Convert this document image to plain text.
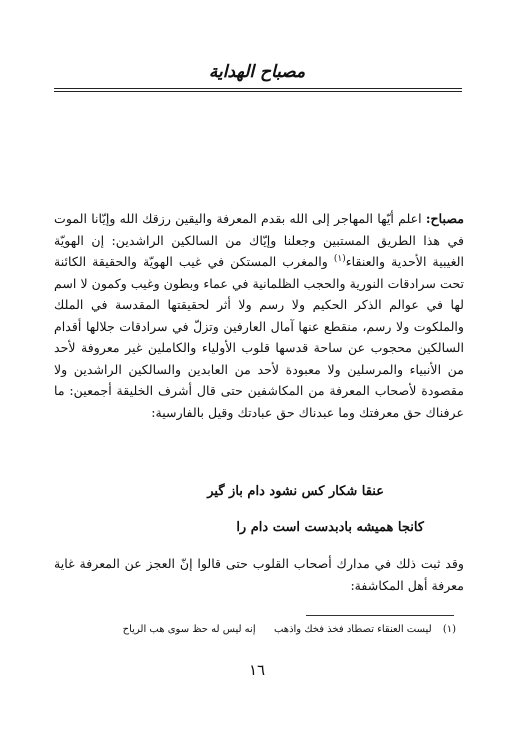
مصباح الهداية

مصباح: اعلم أيّها المهاجر إلى الله بقدم المعرفة واليقين رزقك الله وإيّانا الموت في هذا الطريق المستبين وجعلنا وإيّاك من السالكين الراشدين: إن الهويّة الغيبية الأحدية والعنقاء$^{(١)}$ والمغرب المستكن في غيب الهويّة والحقيقة الكائنة تحت سرادقات النورية والحجب الظلمانية في عماء وبطون وغيب وكمون لا اسم لها في عوالم الذكر الحكيم ولا رسم ولا أثر لحقيقتها المقدسة في الملك والملكوت ولا رسم، منقطع عنها آمال العارفين وتزلّ في سرادقات جلالها أقدام السالكين محجوب عن ساحة قدسها قلوب الأولياء والكاملين غير معروفة لأحد من الأنبياء والمرسلين ولا معبودة لأحد من العابدين والسالكين الراشدين ولا مقصودة لأصحاب المعرفة من المكاشفين حتى قال أشرف الخليقة أجمعين: ما عرفناك حق معرفتك وما عبدناك حق عبادتك وقيل بالفارسية:

عنقا شكار كس نشود دام باز گير
كانجا هميشه بادبدست است دام را

وقد ثبت ذلك في مدارك أصحاب القلوب حتى قالوا إنّ العجز عن المعرفة غاية معرفة أهل المكاشفة:

(١) ليست العنقاء تصطاد فخذ فخك واذهب  إنه ليس له حظ سوى هب الرياح
١٦
